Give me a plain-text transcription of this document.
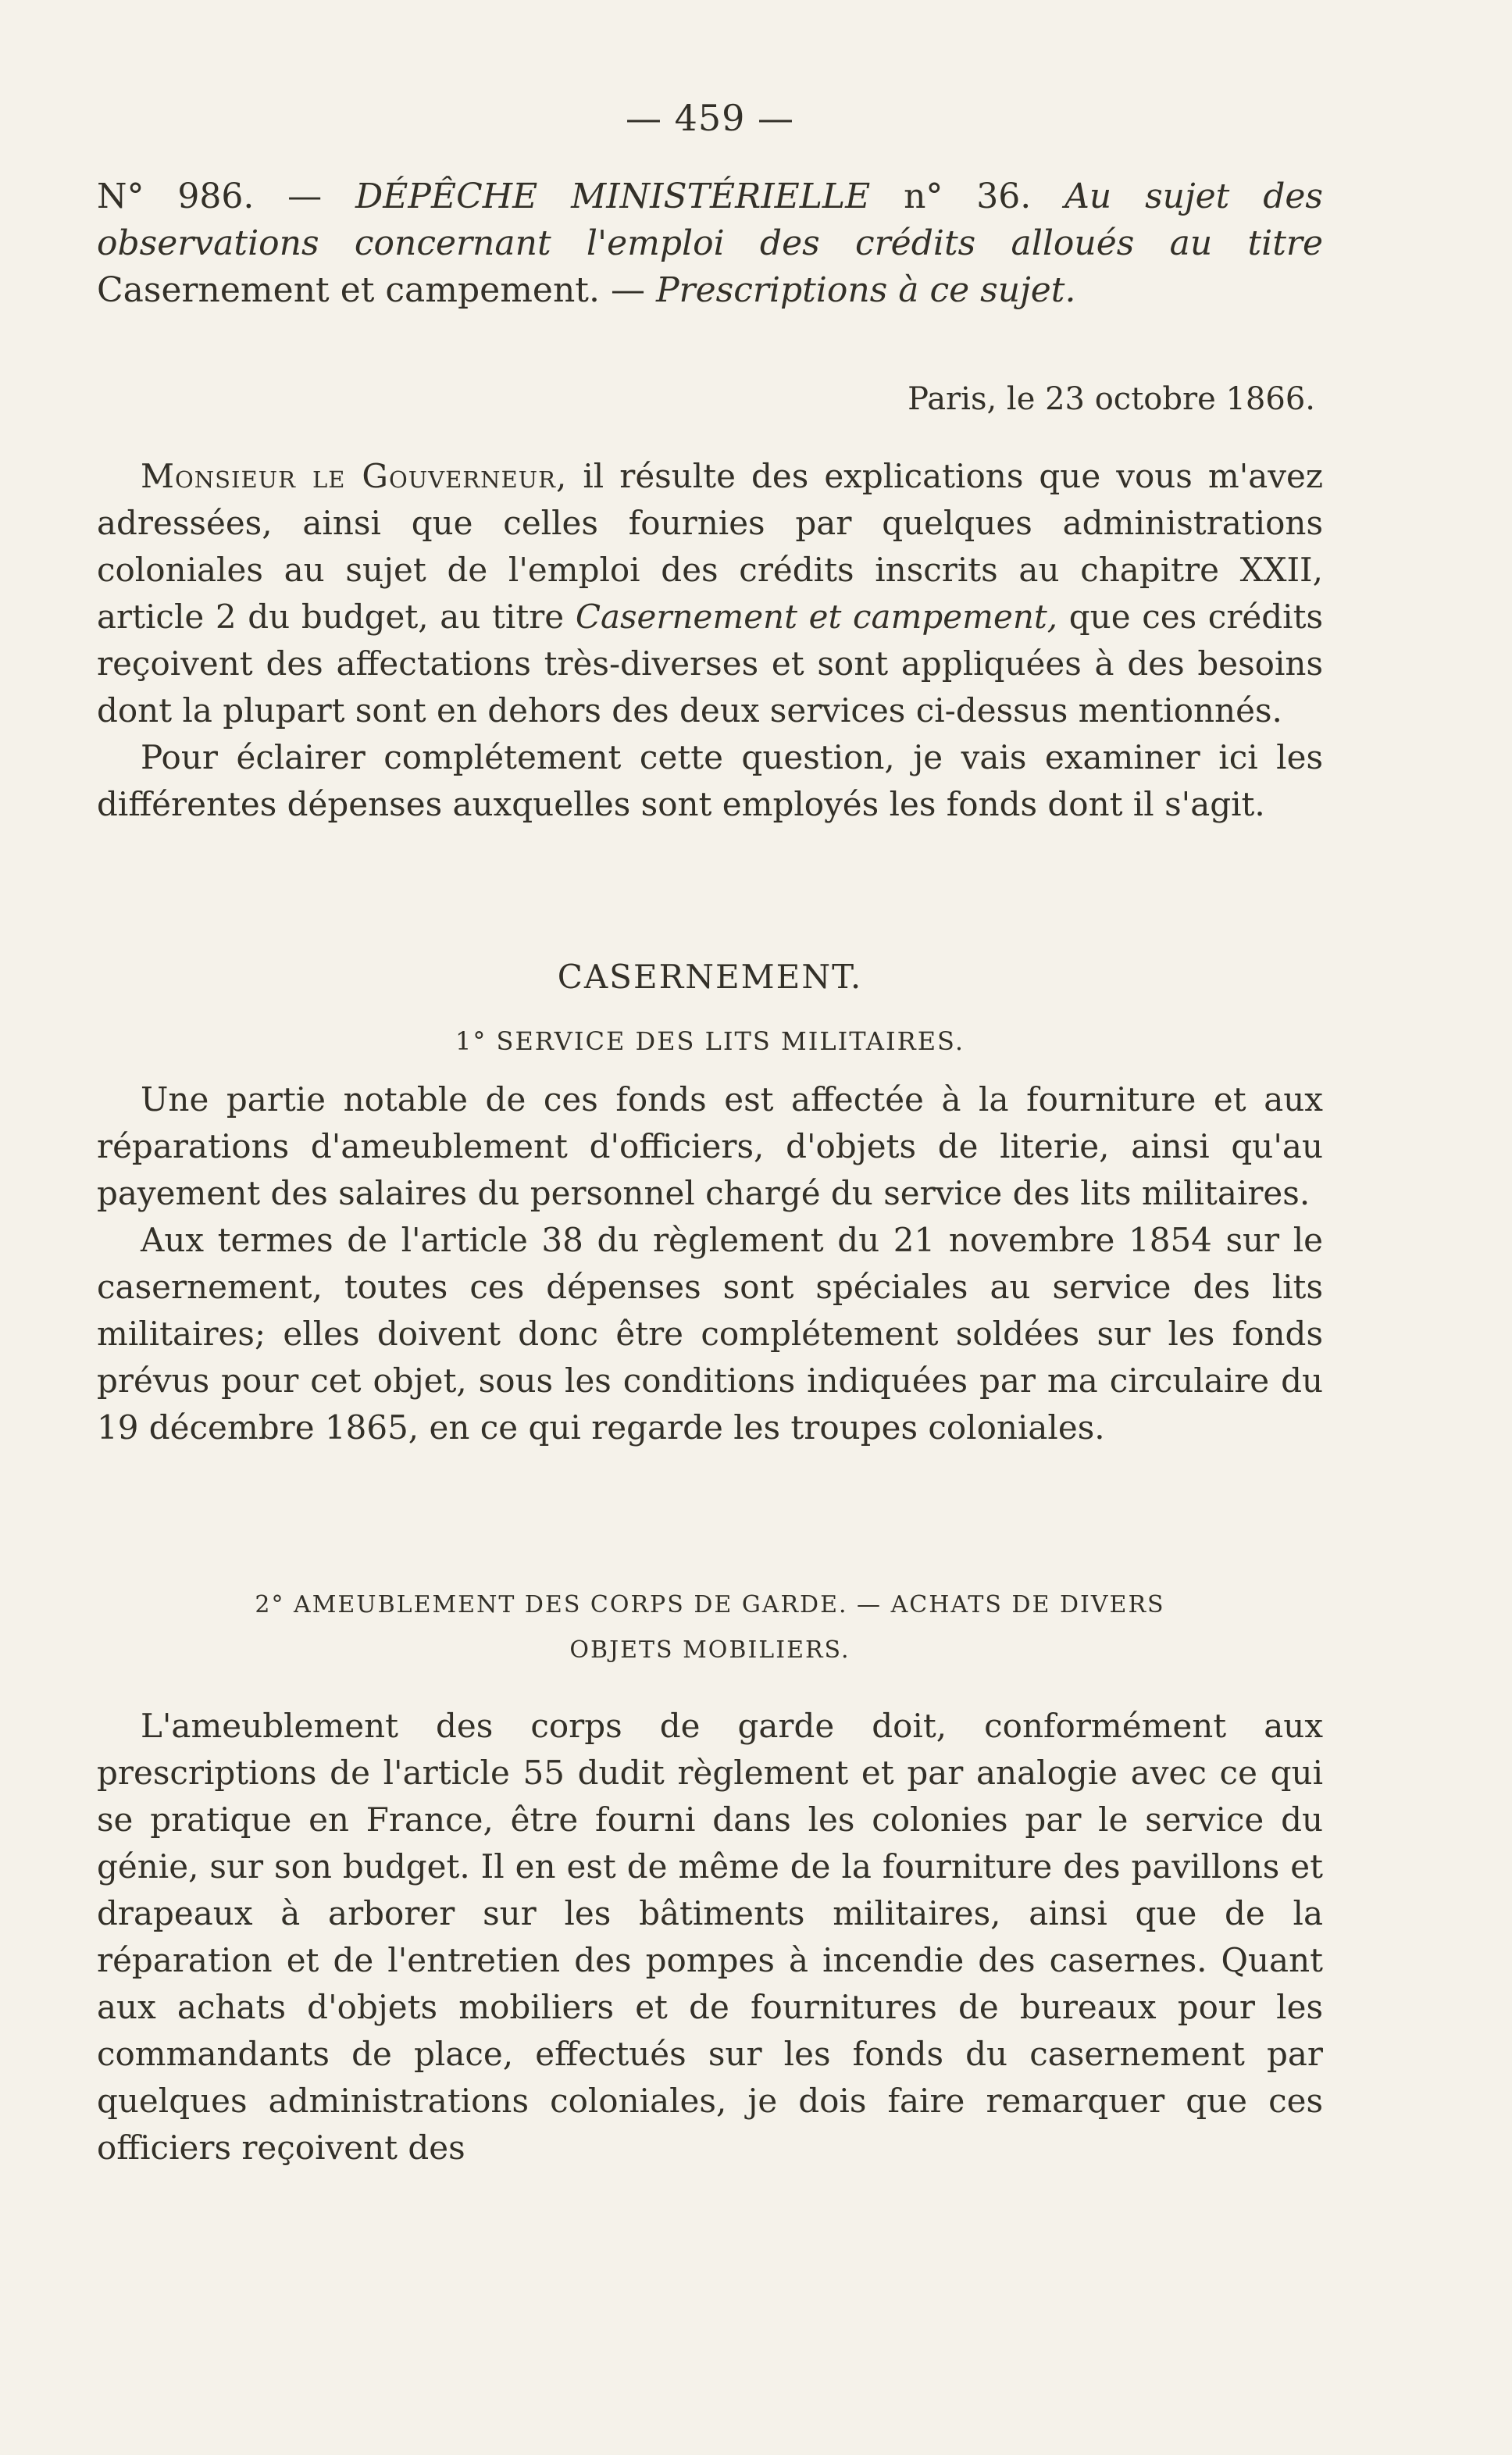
— 459 —
N° 986. — DÉPÊCHE MINISTÉRIELLE n° 36. Au sujet des observations concernant l'emploi des crédits alloués au titre Casernement et campement. — Prescriptions à ce sujet.
Paris, le 23 octobre 1866.

Monsieur le Gouverneur, il résulte des explications que vous m'avez adressées, ainsi que celles fournies par quelques administrations coloniales au sujet de l'emploi des crédits inscrits au chapitre XXII, article 2 du budget, au titre Casernement et campement, que ces crédits reçoivent des affectations très-diverses et sont appliquées à des besoins dont la plupart sont en dehors des deux services ci-dessus mentionnés.

Pour éclairer complétement cette question, je vais examiner ici les différentes dépenses auxquelles sont employés les fonds dont il s'agit.

CASERNEMENT.
1° SERVICE DES LITS MILITAIRES.

Une partie notable de ces fonds est affectée à la fourniture et aux réparations d'ameublement d'officiers, d'objets de literie, ainsi qu'au payement des salaires du personnel chargé du service des lits militaires.

Aux termes de l'article 38 du règlement du 21 novembre 1854 sur le casernement, toutes ces dépenses sont spéciales au service des lits militaires; elles doivent donc être complétement soldées sur les fonds prévus pour cet objet, sous les conditions indiquées par ma circulaire du 19 décembre 1865, en ce qui regarde les troupes coloniales.

2° AMEUBLEMENT DES CORPS DE GARDE. — ACHATS DE DIVERS
OBJETS MOBILIERS.

L'ameublement des corps de garde doit, conformément aux prescriptions de l'article 55 dudit règlement et par analogie avec ce qui se pratique en France, être fourni dans les colonies par le service du génie, sur son budget. Il en est de même de la fourniture des pavillons et drapeaux à arborer sur les bâtiments militaires, ainsi que de la réparation et de l'entretien des pompes à incendie des casernes. Quant aux achats d'objets mobiliers et de fournitures de bureaux pour les commandants de place, effectués sur les fonds du casernement par quelques administrations coloniales, je dois faire remarquer que ces officiers reçoivent des
